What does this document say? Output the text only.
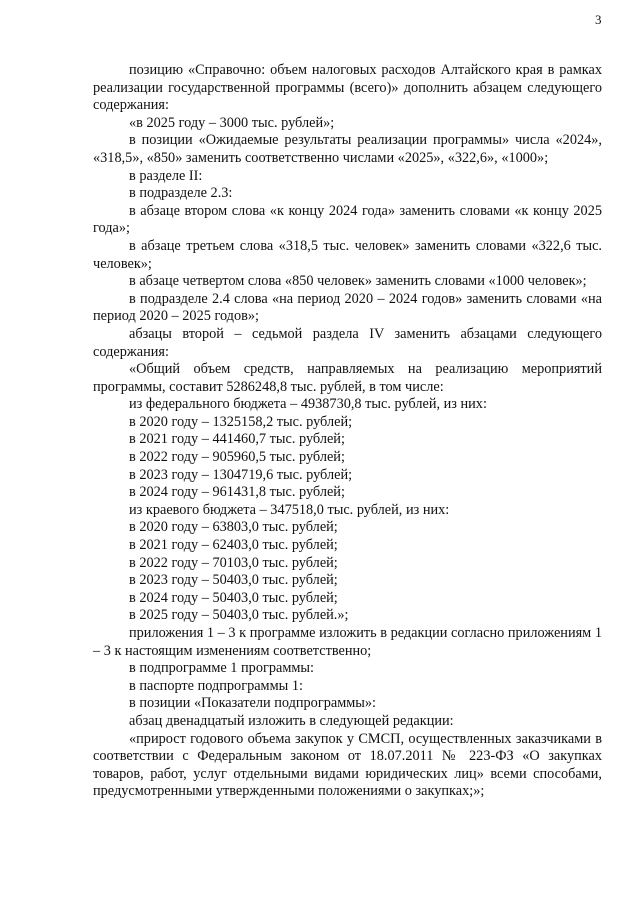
3

позицию «Справочно: объем налоговых расходов Алтайского края в рамках реализации государственной программы (всего)» дополнить абзацем следующего содержания:

«в 2025 году – 3000 тыс. рублей»;

в позиции «Ожидаемые результаты реализации программы» числа «2024», «318,5», «850» заменить соответственно числами «2025», «322,6», «1000»;

в разделе II:

в подразделе 2.3:

в абзаце втором слова «к концу 2024 года» заменить словами «к концу 2025 года»;

в абзаце третьем слова «318,5 тыс. человек» заменить словами «322,6 тыс. человек»;

в абзаце четвертом слова «850 человек» заменить словами «1000 человек»;

в подразделе 2.4 слова «на период 2020 – 2024 годов» заменить словами «на период 2020 – 2025 годов»;

абзацы второй – седьмой раздела IV заменить абзацами следующего содержания:

«Общий объем средств, направляемых на реализацию мероприятий программы, составит 5286248,8 тыс. рублей, в том числе:

из федерального бюджета – 4938730,8 тыс. рублей, из них:

в 2020 году – 1325158,2 тыс. рублей;

в 2021 году – 441460,7 тыс. рублей;

в 2022 году – 905960,5 тыс. рублей;

в 2023 году – 1304719,6 тыс. рублей;

в 2024 году – 961431,8 тыс. рублей;

из краевого бюджета – 347518,0 тыс. рублей, из них:

в 2020 году – 63803,0 тыс. рублей;

в 2021 году – 62403,0 тыс. рублей;

в 2022 году – 70103,0 тыс. рублей;

в 2023 году – 50403,0 тыс. рублей;

в 2024 году – 50403,0 тыс. рублей;

в 2025 году – 50403,0 тыс. рублей.»;

приложения 1 – 3 к программе изложить в редакции согласно приложениям 1 – 3 к настоящим изменениям соответственно;

в подпрограмме 1 программы:

в паспорте подпрограммы 1:

в позиции «Показатели подпрограммы»:

абзац двенадцатый изложить в следующей редакции:

«прирост годового объема закупок у СМСП, осуществленных заказчиками в соответствии с Федеральным законом от 18.07.2011 № 223-ФЗ «О закупках товаров, работ, услуг отдельными видами юридических лиц» всеми способами, предусмотренными утвержденными положениями о закупках;»;
